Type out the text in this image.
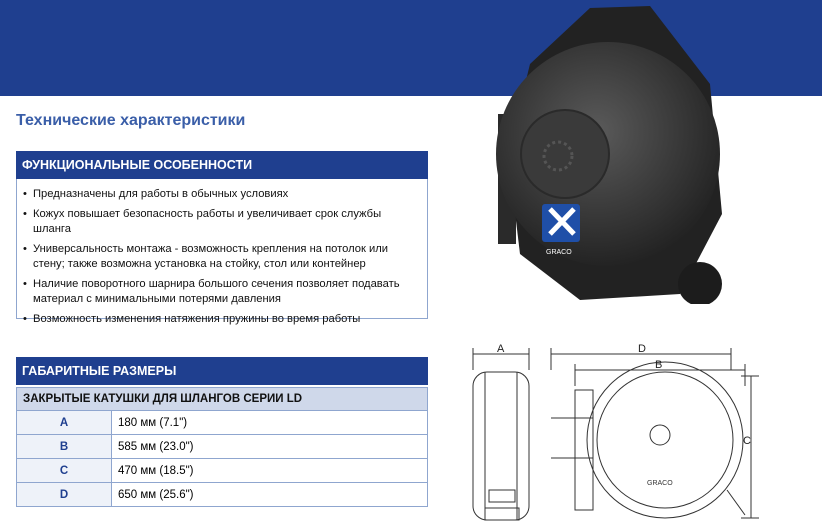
Технические характеристики
ФУНКЦИОНАЛЬНЫЕ ОСОБЕННОСТИ
• Предназначены для работы в обычных условиях
• Кожух повышает безопасность работы и увеличивает срок службы шланга
• Универсальность монтажа - возможность крепления на потолок или стену; также возможна установка на стойку, стол или контейнер
• Наличие поворотного шарнира большого сечения позволяет подавать материал с минимальными потерями давления
• Возможность изменения натяжения пружины во время работы
ГАБАРИТНЫЕ РАЗМЕРЫ
ЗАКРЫТЫЕ КАТУШКИ ДЛЯ ШЛАНГОВ СЕРИИ LD	
A	180 мм (7.1")
B	585 мм (23.0")
C	470 мм (18.5")
D	650 мм (25.6")
GRACO
A	D
B
C
GRACO
